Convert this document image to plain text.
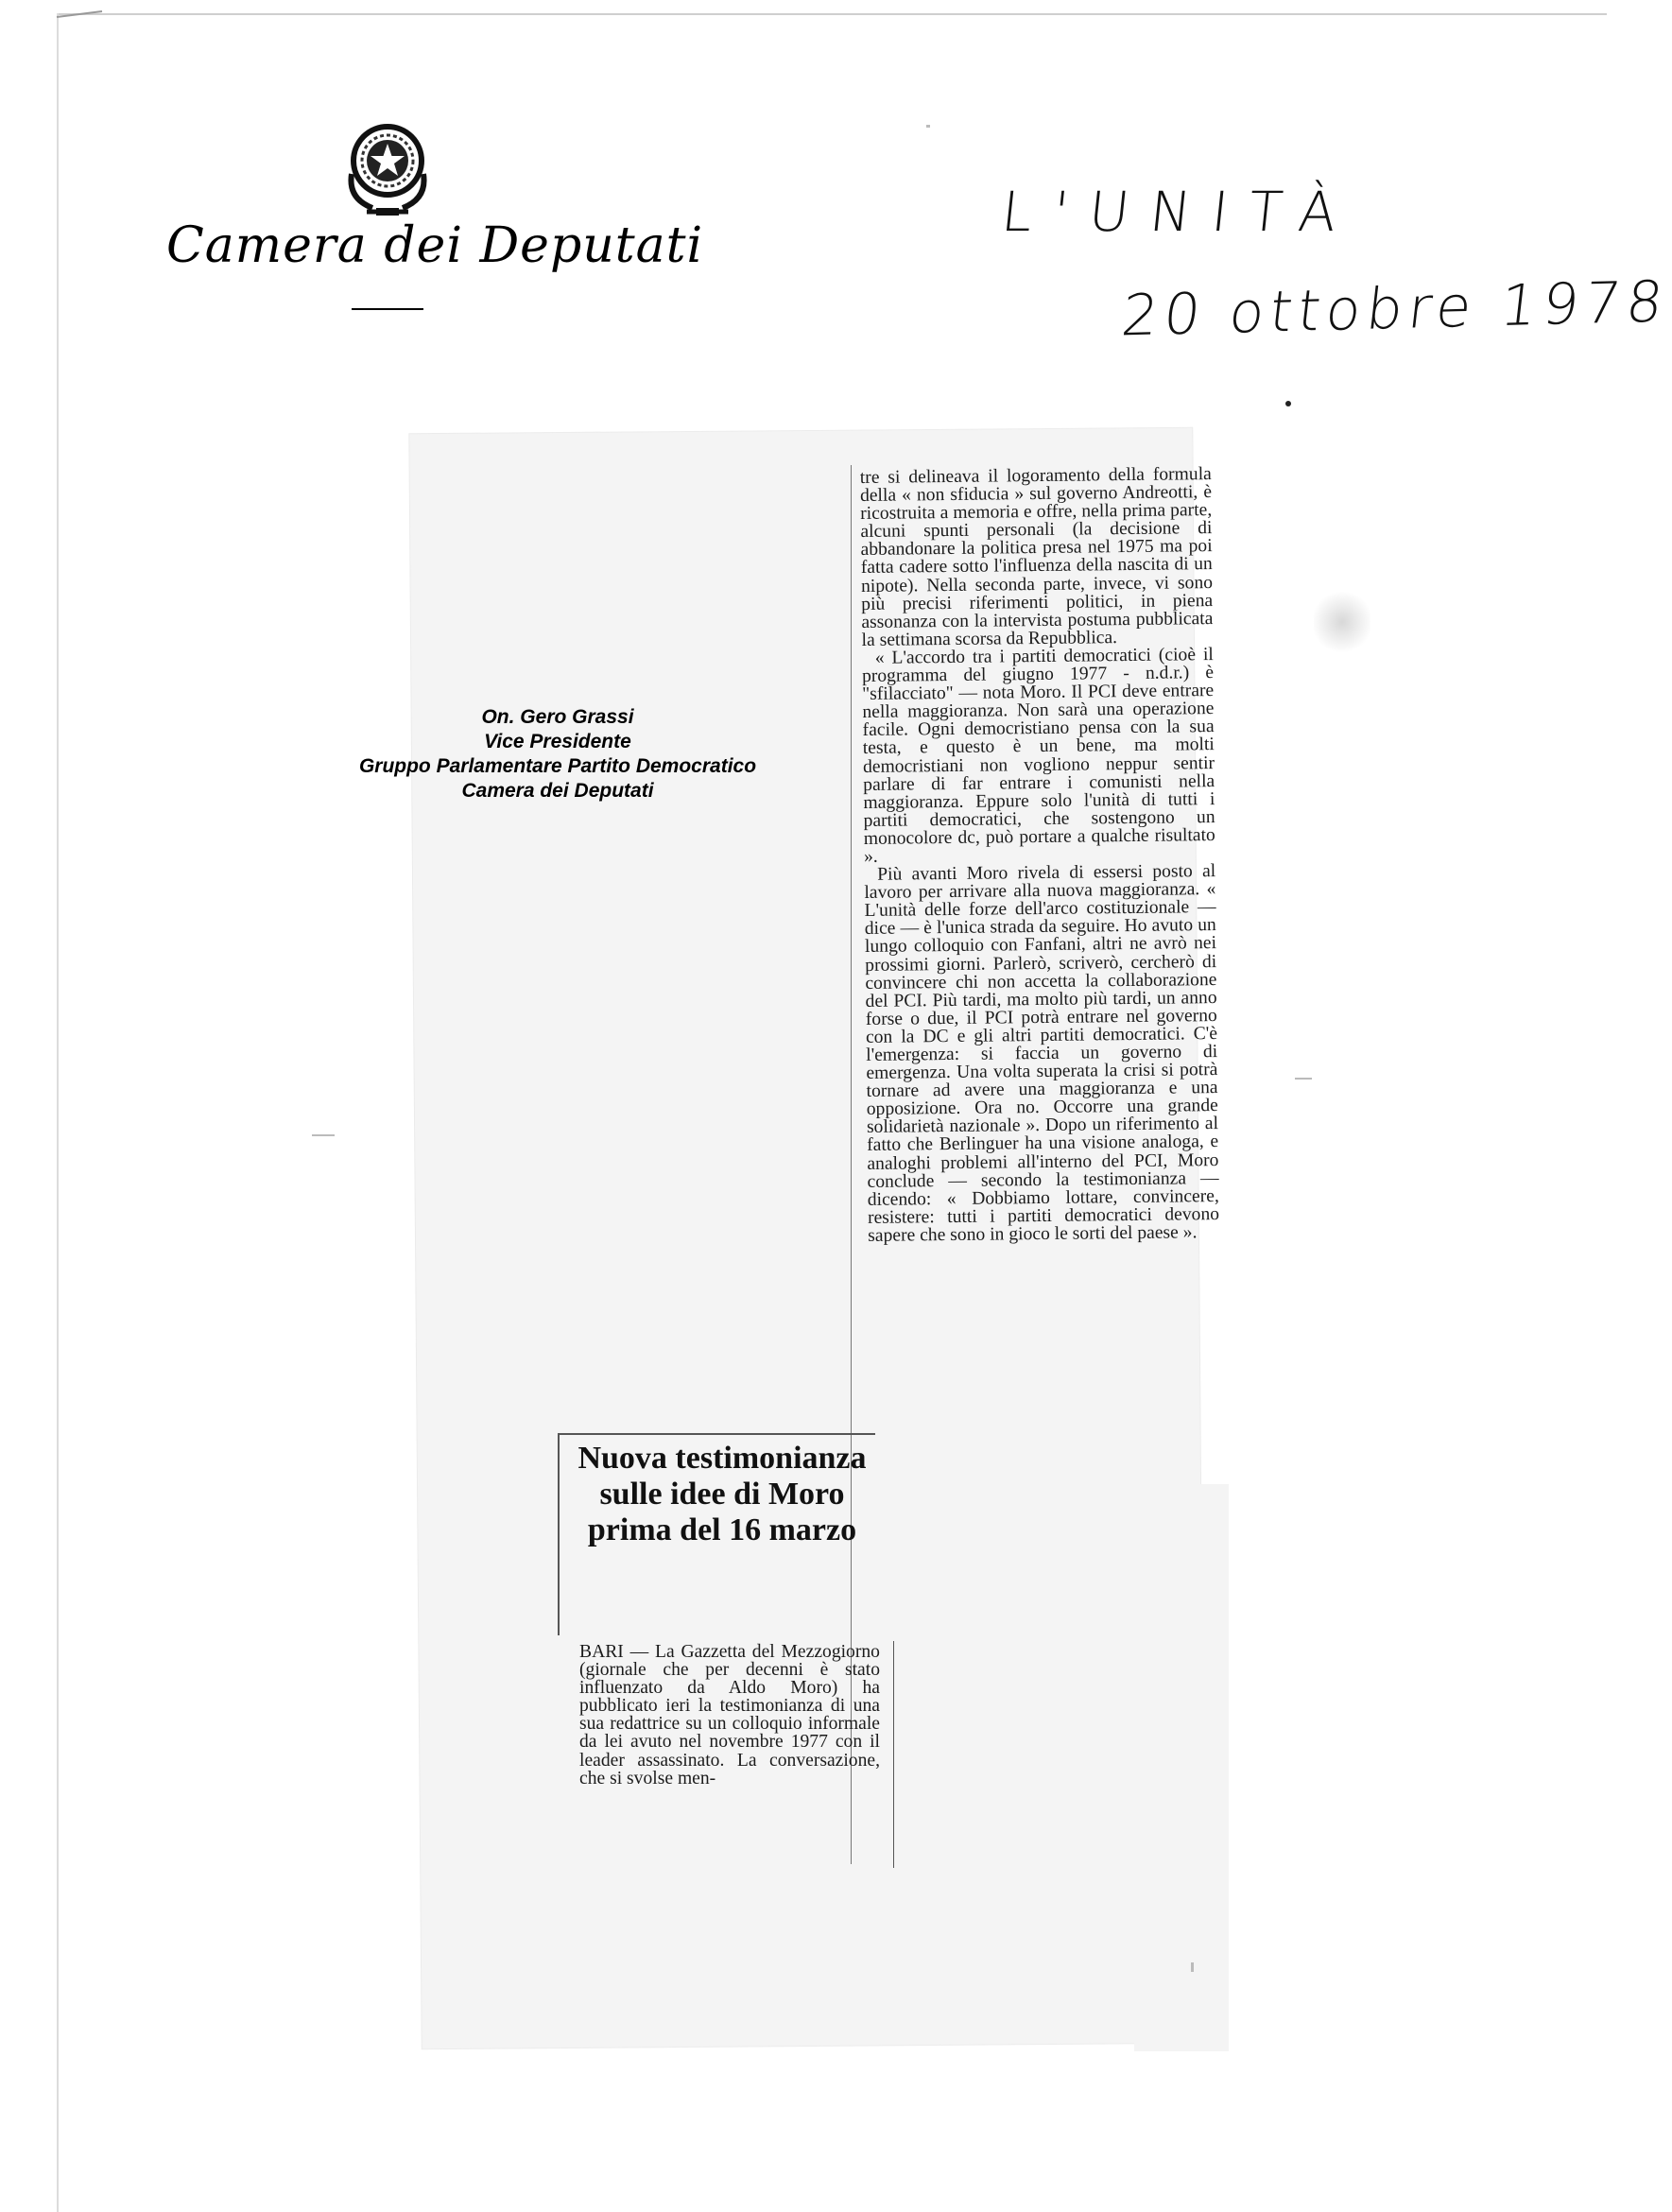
Camera dei Deputati
L'UNITÀ
20 ottobre 1978
On. Gero Grassi
Vice Presidente
Gruppo Parlamentare Partito Democratico
Camera dei Deputati

tre si delineava il logoramento della formula della « non sfiducia » sul governo Andreotti, è ricostruita a memoria e offre, nella prima parte, alcuni spunti personali (la decisione di abbandonare la politica presa nel 1975 ma poi fatta cadere sotto l'influenza della nascita di un nipote). Nella seconda parte, invece, vi sono più precisi riferimenti politici, in piena assonanza con la intervista postuma pubblicata la settimana scorsa da Repubblica.

« L'accordo tra i partiti democratici (cioè il programma del giugno 1977 - n.d.r.) è "sfilacciato" — nota Moro. Il PCI deve entrare nella maggioranza. Non sarà una operazione facile. Ogni democristiano pensa con la sua testa, e questo è un bene, ma molti democristiani non vogliono neppur sentir parlare di far entrare i comunisti nella maggioranza. Eppure solo l'unità di tutti i partiti democratici, che sostengono un monocolore dc, può portare a qualche risultato ».

Più avanti Moro rivela di essersi posto al lavoro per arrivare alla nuova maggioranza. « L'unità delle forze dell'arco costituzionale — dice — è l'unica strada da seguire. Ho avuto un lungo colloquio con Fanfani, altri ne avrò nei prossimi giorni. Parlerò, scriverò, cercherò di convincere chi non accetta la collaborazione del PCI. Più tardi, ma molto più tardi, un anno forse o due, il PCI potrà entrare nel governo con la DC e gli altri partiti democratici. C'è l'emergenza: si faccia un governo di emergenza. Una volta superata la crisi si potrà tornare ad avere una maggioranza e una opposizione. Ora no. Occorre una grande solidarietà nazionale ». Dopo un riferimento al fatto che Berlinguer ha una visione analoga, e analoghi problemi all'interno del PCI, Moro conclude — secondo la testimonianza — dicendo: « Dobbiamo lottare, convincere, resistere: tutti i partiti democratici devono sapere che sono in gioco le sorti del paese ».

Nuova testimonianza sulle idee di Moro prima del 16 marzo

BARI — La Gazzetta del Mezzogiorno (giornale che per decenni è stato influenzato da Aldo Moro) ha pubblicato ieri la testimonianza di una sua redattrice su un colloquio informale da lei avuto nel novembre 1977 con il leader assassinato. La conversazione, che si svolse men-
